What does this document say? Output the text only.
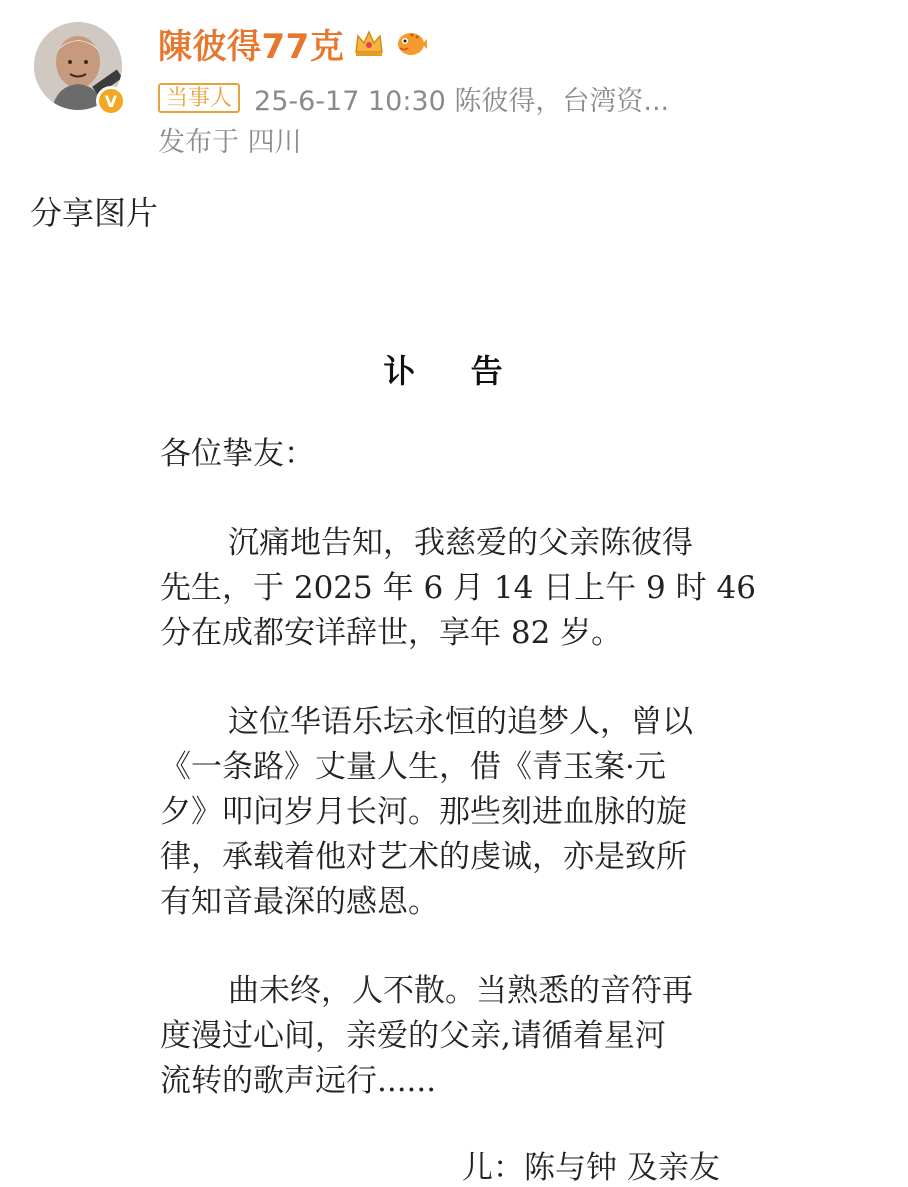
V
陳彼得77克
当事人 25-6-17 10:30 陈彼得，台湾资...
发布于 四川
分享图片
讣 告
各位挚友：
沉痛地告知，我慈爱的父亲陈彼得
先生，于 2025 年 6 月 14 日上午 9 时 46
分在成都安详辞世，享年 82 岁。
这位华语乐坛永恒的追梦人，曾以
《一条路》丈量人生，借《青玉案·元
夕》叩问岁月长河。那些刻进血脉的旋
律，承载着他对艺术的虔诚，亦是致所
有知音最深的感恩。
曲未终，人不散。当熟悉的音符再
度漫过心间，亲爱的父亲,请循着星河
流转的歌声远行......
儿：陈与钟 及亲友
